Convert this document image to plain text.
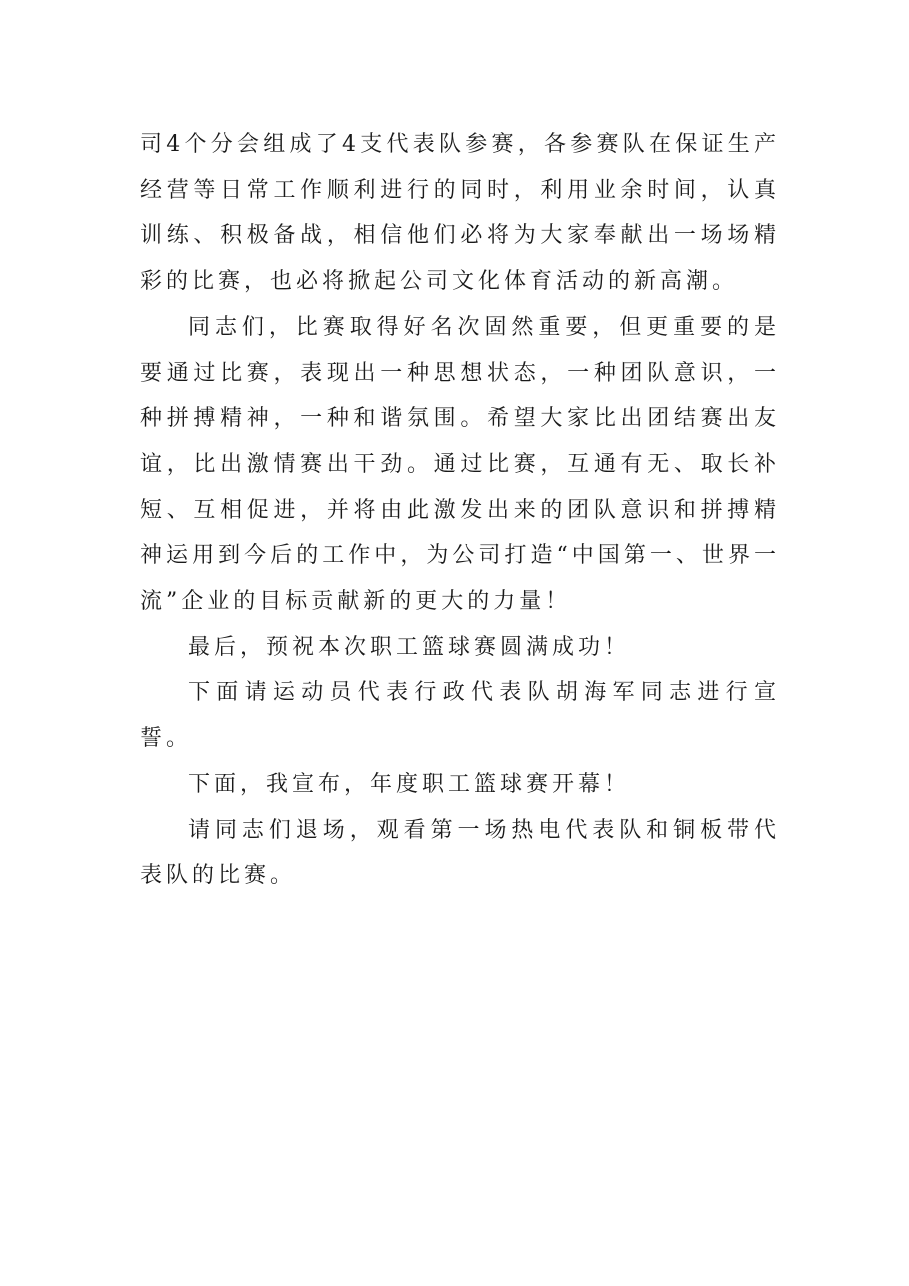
司4个分会组成了4支代表队参赛，各参赛队在保证生产经营等日常工作顺利进行的同时，利用业余时间，认真训练、积极备战，相信他们必将为大家奉献出一场场精彩的比赛，也必将掀起公司文化体育活动的新高潮。

同志们，比赛取得好名次固然重要，但更重要的是要通过比赛，表现出一种思想状态，一种团队意识，一种拼搏精神，一种和谐氛围。希望大家比出团结赛出友谊，比出激情赛出干劲。通过比赛，互通有无、取长补短、互相促进，并将由此激发出来的团队意识和拼搏精神运用到今后的工作中，为公司打造“中国第一、世界一流”企业的目标贡献新的更大的力量！

最后，预祝本次职工篮球赛圆满成功！

下面请运动员代表行政代表队胡海军同志进行宣誓。

下面，我宣布，年度职工篮球赛开幕！

请同志们退场，观看第一场热电代表队和铜板带代表队的比赛。
